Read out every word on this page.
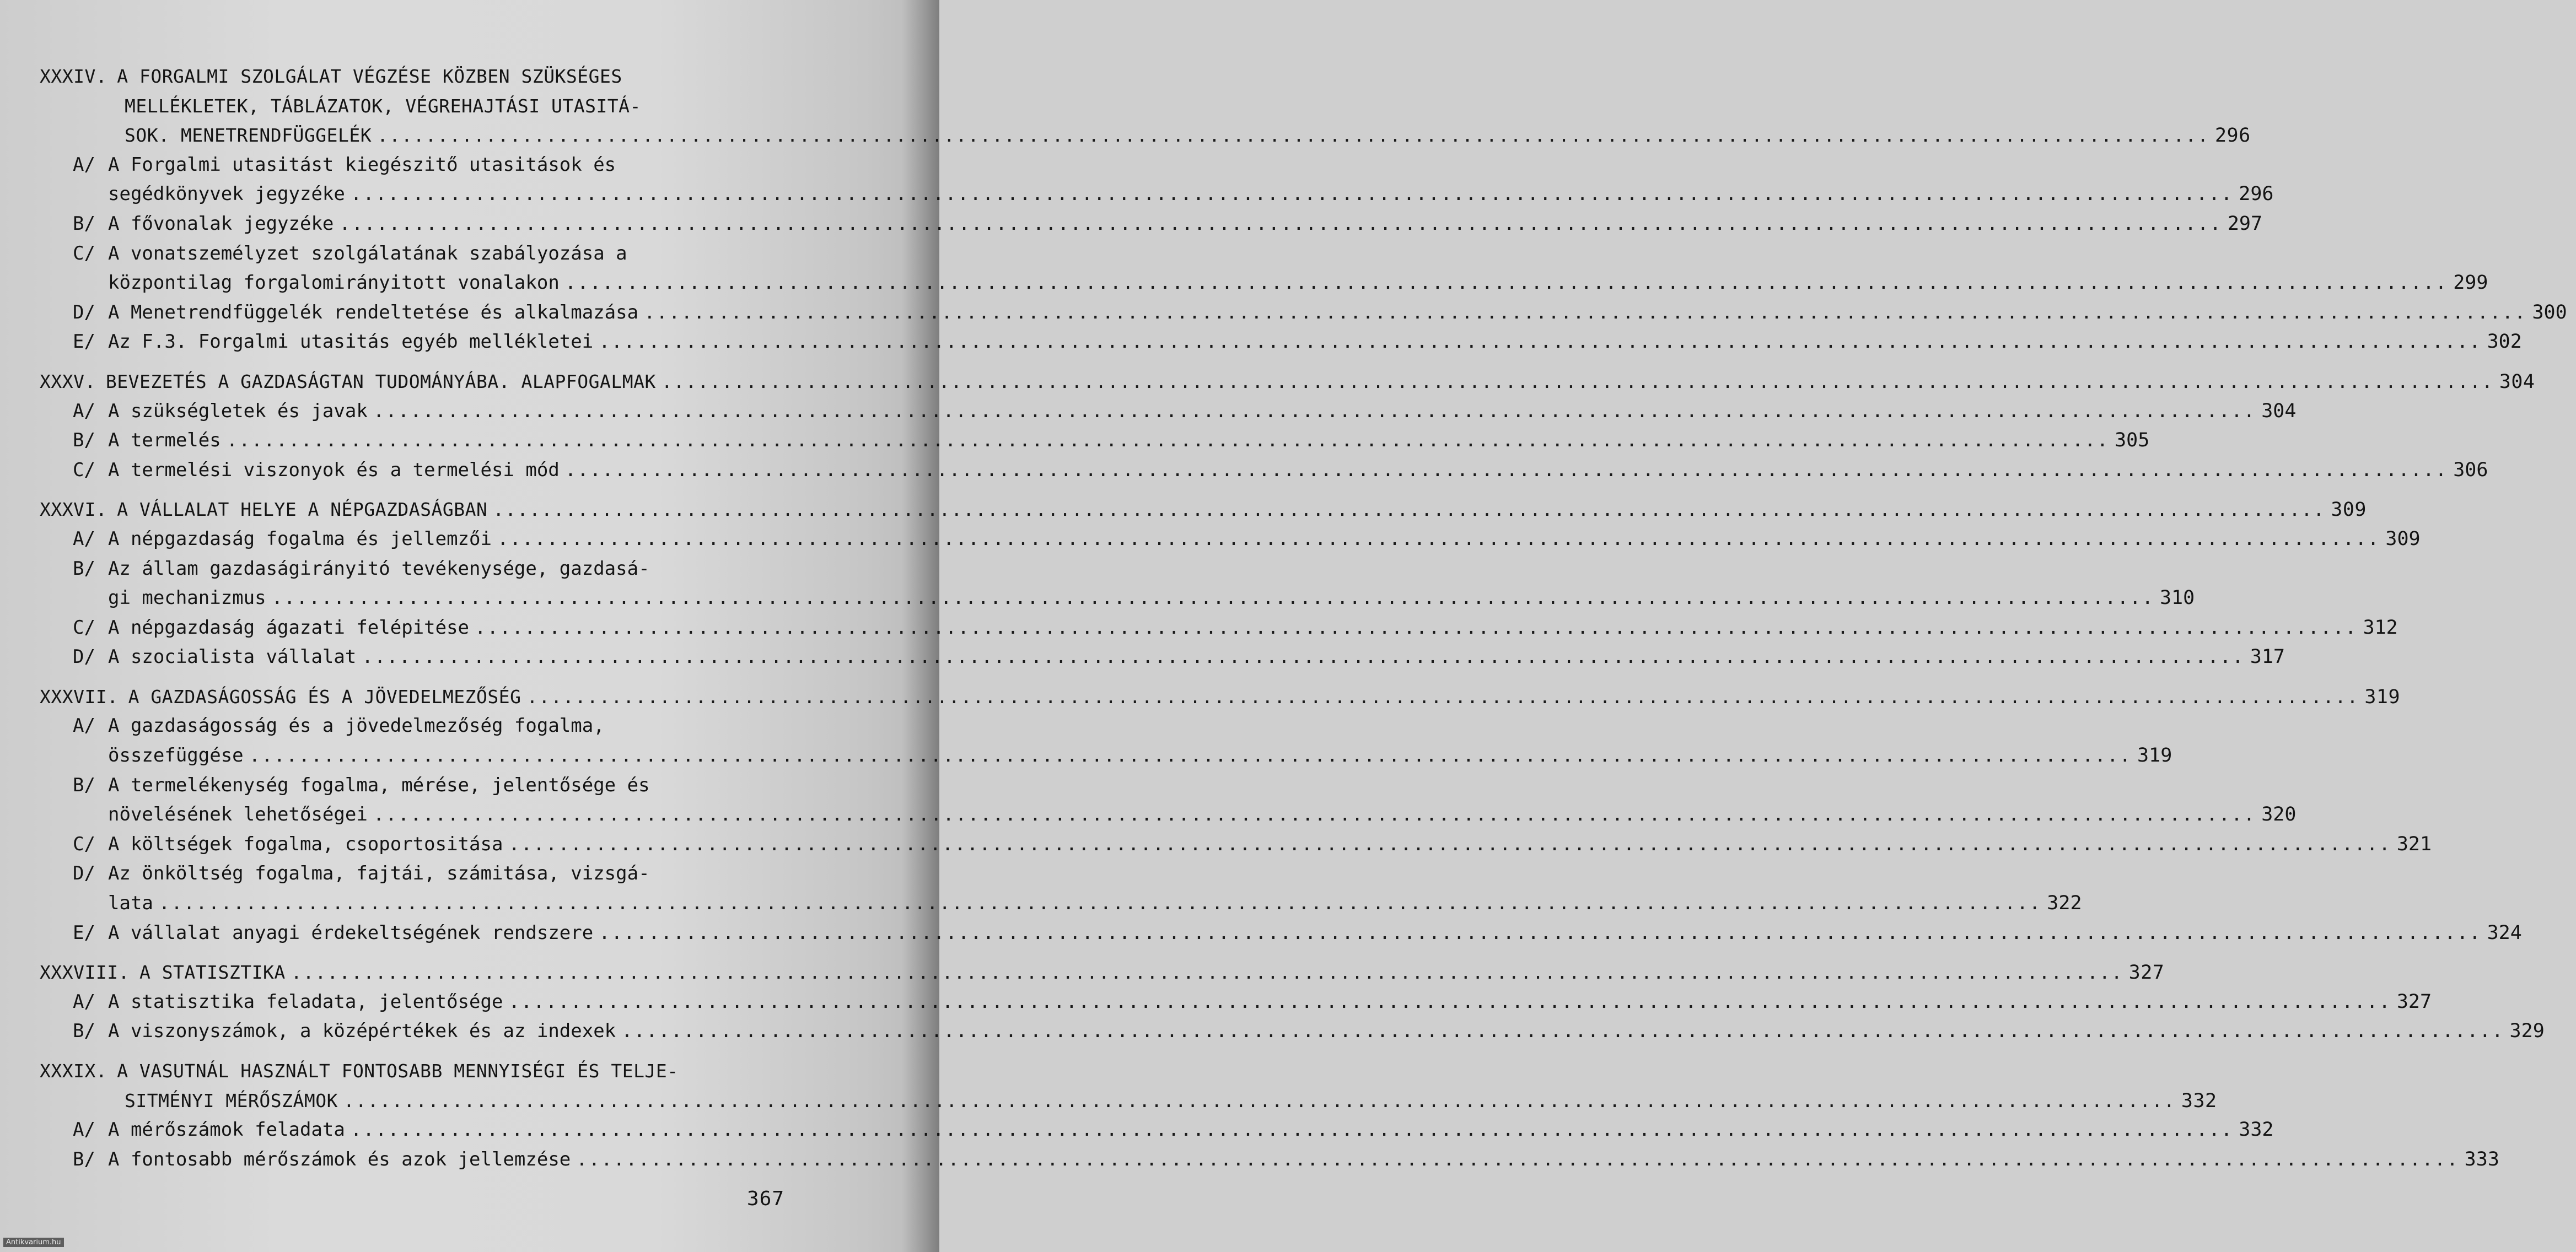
XXXIV. A FORGALMI SZOLGÁLAT VÉGZÉSE KÖZBEN SZÜKSÉGES
MELLÉKLETEK, TÁBLÁZATOK, VÉGREHAJTÁSI UTASITÁ-
SOK. MENETRENDFÜGGELÉK .....	296
A/ A Forgalmi utasitást kiegészitő utasitások és
segédkönyvek jegyzéke .....	296
B/ A fővonalak jegyzéke .....	297
C/ A vonatszemélyzet szolgálatának szabályozása a
központilag forgalomirányitott vonalakon .....	299
D/ A Menetrendfüggelék rendeltetése és alkalmazása .....	300
E/ Az F.3. Forgalmi utasitás egyéb mellékletei .....	302
XXXV. BEVEZETÉS A GAZDASÁGTAN TUDOMÁNYÁBA. ALAPFOGALMAK .....	304
A/ A szükségletek és javak .....	304
B/ A termelés .....	305
C/ A termelési viszonyok és a termelési mód .....	306
XXXVI. A VÁLLALAT HELYE A NÉPGAZDASÁGBAN .....	309
A/ A népgazdaság fogalma és jellemzői .....	309
B/ Az állam gazdaságirányitó tevékenysége, gazdasá-
gi mechanizmus .....	310
C/ A népgazdaság ágazati felépitése .....	312
D/ A szocialista vállalat .....	317
XXXVII. A GAZDASÁGOSSÁG ÉS A JÖVEDELMEZŐSÉG .....	319
A/ A gazdaságosság és a jövedelmezőség fogalma,
összefüggése .....	319
B/ A termelékenység fogalma, mérése, jelentősége és
növelésének lehetőségei .....	320
C/ A költségek fogalma, csoportositása .....	321
D/ Az önköltség fogalma, fajtái, számitása, vizsgá-
lata .....	322
E/ A vállalat anyagi érdekeltségének rendszere .....	324
XXXVIII. A STATISZTIKA .....	327
A/ A statisztika feladata, jelentősége .....	327
B/ A viszonyszámok, a középértékek és az indexek .....	329
XXXIX. A VASUTNÁL HASZNÁLT FONTOSABB MENNYISÉGI ÉS TELJE-
SITMÉNYI MÉRŐSZÁMOK .....	332
A/ A mérőszámok feladata .....	332
B/ A fontosabb mérőszámok és azok jellemzése .....	333
367
Antikvarium.hu
